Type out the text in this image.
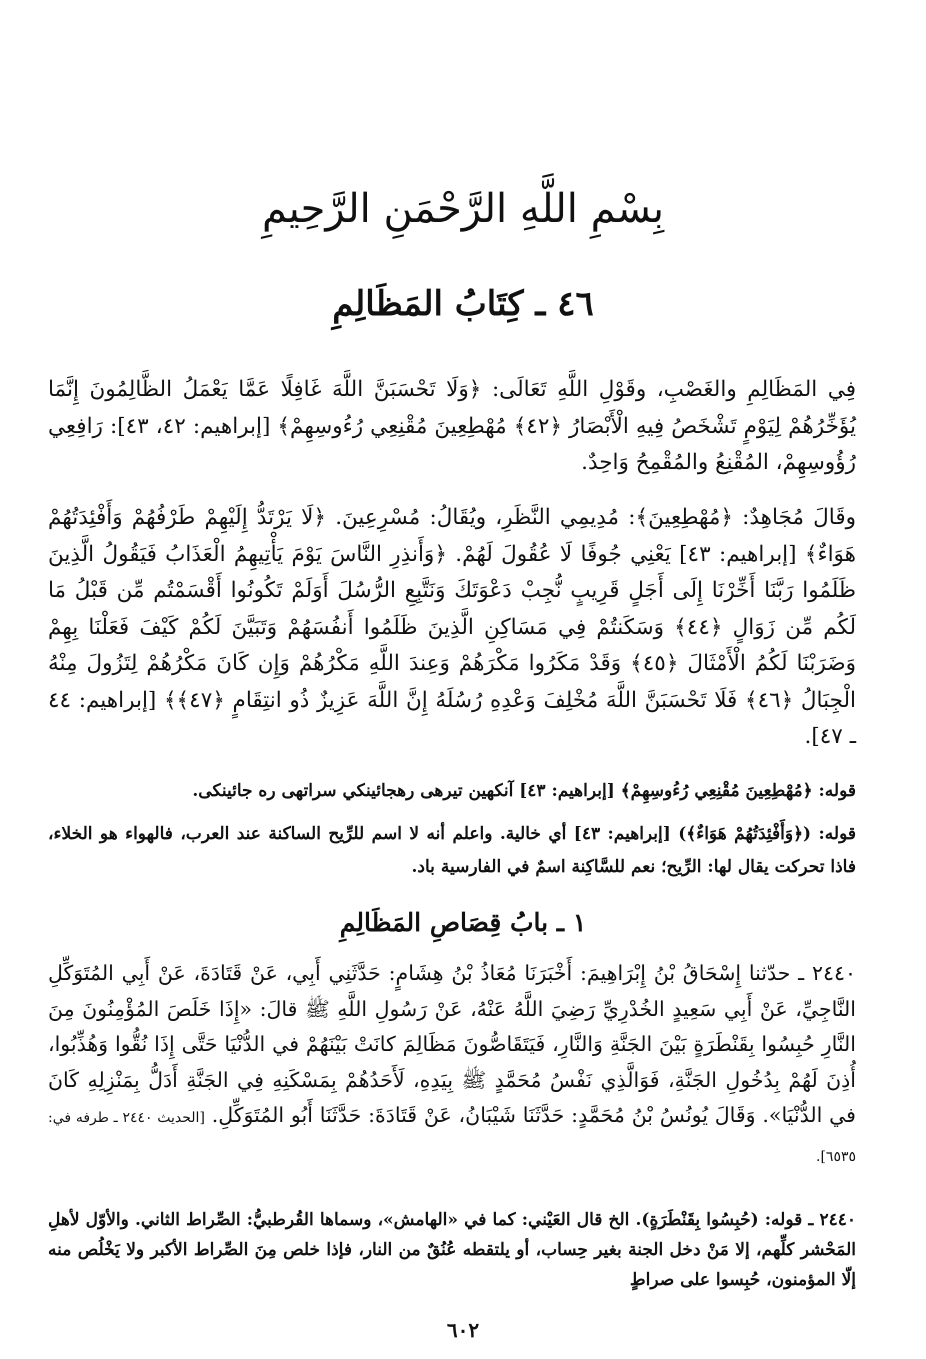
بِسْمِ اللَّهِ الرَّحْمَنِ الرَّحِيمِ
٤٦ ـ كِتَابُ المَظَالِمِ
فِي المَظَالِمِ والغَصْبِ، وقَوْلِ اللَّهِ تَعَالَى: ﴿وَلَا تَحْسَبَنَّ اللَّهَ غَافِلًا عَمَّا يَعْمَلُ الظَّالِمُونَ إِنَّمَا يُؤَخِّرُهُمْ لِيَوْمٍ تَشْخَصُ فِيهِ الْأَبْصَارُ ﴿٤٢﴾ مُهْطِعِينَ مُقْنِعِي رُءُوسِهِمْ﴾ [إبراهيم: ٤٢، ٤٣]: رَافِعِي رُؤُوسِهِمْ، المُقْنِعُ والمُقْمِحُ وَاحِدٌ.
وقَالَ مُجَاهِدٌ: ﴿مُهْطِعِينَ﴾: مُدِيمِي النَّظَرِ، ويُقَالُ: مُسْرِعِينَ. ﴿لَا يَرْتَدُّ إِلَيْهِمْ طَرْفُهُمْ وَأَفْئِدَتُهُمْ هَوَاءٌ﴾ [إبراهيم: ٤٣] يَعْنِي جُوفًا لَا عُقُولَ لَهُمْ. ﴿وَأَنذِرِ النَّاسَ يَوْمَ يَأْتِيهِمُ الْعَذَابُ فَيَقُولُ الَّذِينَ ظَلَمُوا رَبَّنَا أَخِّرْنَا إِلَى أَجَلٍ قَرِيبٍ نُّجِبْ دَعْوَتَكَ وَنَتَّبِعِ الرُّسُلَ أَوَلَمْ تَكُونُوا أَقْسَمْتُم مِّن قَبْلُ مَا لَكُم مِّن زَوَالٍ ﴿٤٤﴾ وَسَكَنتُمْ فِي مَسَاكِنِ الَّذِينَ ظَلَمُوا أَنفُسَهُمْ وَتَبَيَّنَ لَكُمْ كَيْفَ فَعَلْنَا بِهِمْ وَضَرَبْنَا لَكُمُ الْأَمْثَالَ ﴿٤٥﴾ وَقَدْ مَكَرُوا مَكْرَهُمْ وَعِندَ اللَّهِ مَكْرُهُمْ وَإِن كَانَ مَكْرُهُمْ لِتَزُولَ مِنْهُ الْجِبَالُ ﴿٤٦﴾ فَلَا تَحْسَبَنَّ اللَّهَ مُخْلِفَ وَعْدِهِ رُسُلَهُ إِنَّ اللَّهَ عَزِيزٌ ذُو انتِقَامٍ ﴿٤٧﴾﴾ [إبراهيم: ٤٤ ـ ٤٧].
قوله: ﴿مُهْطِعِينَ مُقْنِعِي رُءُوسِهِمْ﴾ [إبراهيم: ٤٣] آنكهين تيرهى رهجائينكي سراتهى ره جائينكى.
قوله: (﴿وَأَفْئِدَتُهُمْ هَوَاءٌ﴾) [إبراهيم: ٤٣] أي خالية. واعلم أنه لا اسم للرِّيح الساكنة عند العرب، فالهواء هو الخلاء، فاذا تحركت يقال لها: الرِّيح؛ نعم للسَّاكِنة اسمٌ في الفارسية باد.
١ ـ بابُ قِصَاصِ المَظَالِمِ
٢٤٤٠ ـ حدّثنا إِسْحَاقُ بْنُ إِبْرَاهِيمَ: أَخْبَرَنَا مُعَاذُ بْنُ هِشَامٍ: حَدَّثَنِي أَبِي، عَنْ قَتَادَةَ، عَنْ أَبِي المُتَوَكِّلِ النَّاجِيِّ، عَنْ أَبِي سَعِيدٍ الخُدْرِيِّ رَضِيَ اللَّهُ عَنْهُ، عَنْ رَسُولِ اللَّهِ ﷺ قالَ: «إِذَا خَلَصَ المُؤْمِنُونَ مِنَ النَّارِ حُبِسُوا بِقَنْطَرَةٍ بَيْنَ الجَنَّةِ وَالنَّارِ، فَيَتَقَاصُّونَ مَظَالِمَ كانَتْ بَيْنَهُمْ في الدُّنْيَا حَتَّى إِذَا نُقُّوا وَهُذِّبُوا، أُذِنَ لَهُمْ بِدُخُولِ الجَنَّةِ، فَوَالَّذِي نَفْسُ مُحَمَّدٍ ﷺ بِيَدِهِ، لَأَحَدُهُمْ بِمَسْكَنِهِ فِي الجَنَّةِ أَدَلُّ بِمَنْزِلِهِ كَانَ في الدُّنْيَا». وَقَالَ يُونُسُ بْنُ مُحَمَّدٍ: حَدَّثَنَا شَيْبَانُ، عَنْ قَتَادَةَ: حَدَّثَنَا أَبُو المُتَوَكِّلِ. [الحديث ٢٤٤٠ ـ طرفه في: ٦٥٣٥].
٢٤٤٠ ـ قوله: (حُبِسُوا بِقَنْطَرَةٍ). الخ قال العَيْني: كما في «الهامش»، وسماها القُرطبيُّ: الصِّراط الثاني. والأوّل لأهلِ المَحْشر كلِّهم، إلا مَنْ دخل الجنة بغير حِساب، أو يلتقطه عُنُقٌ من النار، فإذا خلص مِنَ الصِّراط الأكبر ولا يَخْلُص منه إلّا المؤمنون، حُبِسوا على صراطٍ
٦٠٢
